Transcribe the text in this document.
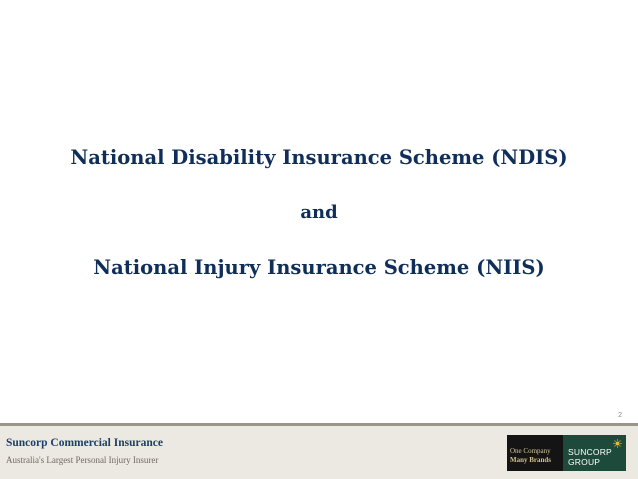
National Disability Insurance Scheme (NDIS)
and
National Injury Insurance Scheme (NIIS)
2
Suncorp Commercial Insurance
Australia's Largest Personal Injury Insurer
One Company
Many Brands
SUNCORP
GROUP
